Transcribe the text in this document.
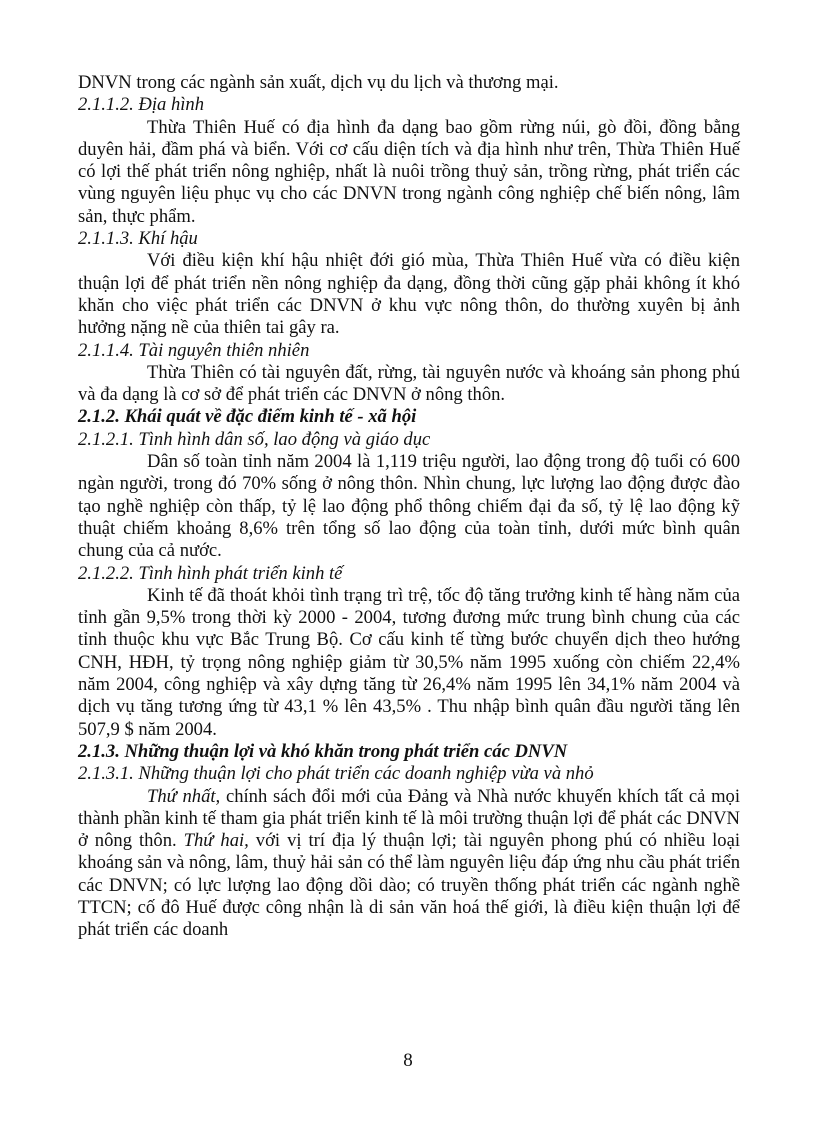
DNVN trong các ngành sản xuất, dịch vụ du lịch và thương mại.
2.1.1.2. Địa hình
Thừa Thiên Huế có địa hình đa dạng bao gồm rừng núi, gò đồi, đồng bằng duyên hải, đầm phá và biển. Với cơ cấu diện tích và địa hình như trên, Thừa Thiên Huế có lợi thế phát triển nông nghiệp, nhất là nuôi trồng thuỷ sản, trồng rừng, phát triển các vùng nguyên liệu phục vụ cho các DNVN trong ngành công nghiệp chế biến nông, lâm sản, thực phẩm.
2.1.1.3. Khí hậu
Với điều kiện khí hậu nhiệt đới gió mùa, Thừa Thiên Huế vừa có điều kiện thuận lợi để phát triển nền nông nghiệp đa dạng, đồng thời cũng gặp phải không ít khó khăn cho việc phát triển các DNVN ở khu vực nông thôn, do thường xuyên bị ảnh hưởng nặng nề của thiên tai gây ra.
2.1.1.4. Tài nguyên thiên nhiên
Thừa Thiên có tài nguyên đất, rừng, tài nguyên nước và khoáng sản phong phú và đa dạng là cơ sở để phát triển các DNVN ở nông thôn.
2.1.2. Khái quát về đặc điểm kinh tế - xã hội
2.1.2.1. Tình hình dân số, lao động và giáo dục
Dân số toàn tỉnh năm 2004 là 1,119 triệu người, lao động trong độ tuổi có 600 ngàn người, trong đó 70% sống ở nông thôn. Nhìn chung, lực lượng lao động được đào tạo nghề nghiệp còn thấp, tỷ lệ lao động phổ thông chiếm đại đa số, tỷ lệ lao động kỹ thuật chiếm khoảng 8,6% trên tổng số lao động của toàn tỉnh, dưới mức bình quân chung của cả nước.
2.1.2.2. Tình hình phát triển kinh tế
Kinh tế đã thoát khỏi tình trạng trì trệ, tốc độ tăng trưởng kinh tế hàng năm của tỉnh gần 9,5% trong thời kỳ 2000 - 2004, tương đương mức trung bình chung của các tỉnh thuộc khu vực Bắc Trung Bộ. Cơ cấu kinh tế từng bước chuyển dịch theo hướng CNH, HĐH, tỷ trọng nông nghiệp giảm từ 30,5% năm 1995 xuống còn chiếm 22,4% năm 2004, công nghiệp và xây dựng tăng từ 26,4% năm 1995 lên 34,1% năm 2004 và dịch vụ tăng tương ứng từ 43,1 % lên 43,5% . Thu nhập bình quân đầu người tăng lên 507,9 $ năm 2004.
2.1.3. Những thuận lợi và khó khăn trong phát triển các DNVN
2.1.3.1. Những thuận lợi cho phát triển các doanh nghiệp vừa và nhỏ
Thứ nhất, chính sách đổi mới của Đảng và Nhà nước khuyến khích tất cả mọi thành phần kinh tế tham gia phát triển kinh tế là môi trường thuận lợi để phát các DNVN ở nông thôn. Thứ hai, với vị trí địa lý thuận lợi; tài nguyên phong phú có nhiều loại khoáng sản và nông, lâm, thuỷ hải sản có thể làm nguyên liệu đáp ứng nhu cầu phát triển các DNVN; có lực lượng lao động dồi dào; có truyền thống phát triển các ngành nghề TTCN; cố đô Huế được công nhận là di sản văn hoá thế giới, là điều kiện thuận lợi để phát triển các doanh
8
